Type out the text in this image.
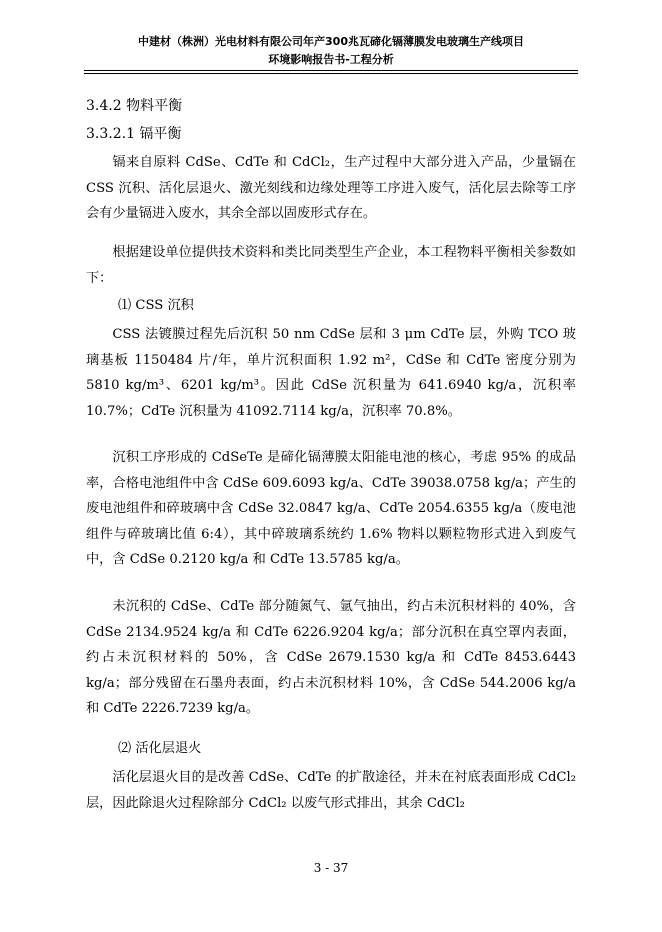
中建材（株洲）光电材料有限公司年产300兆瓦碲化镉薄膜发电玻璃生产线项目
环境影响报告书-工程分析
3.4.2 物料平衡
3.3.2.1 镉平衡

镉来自原料 CdSe、CdTe 和 CdCl₂，生产过程中大部分进入产品，少量镉在 CSS 沉积、活化层退火、激光刻线和边缘处理等工序进入废气，活化层去除等工序会有少量镉进入废水，其余全部以固废形式存在。

根据建设单位提供技术资料和类比同类型生产企业，本工程物料平衡相关参数如下：

⑴ CSS 沉积

CSS 法镀膜过程先后沉积 50 nm CdSe 层和 3 μm CdTe 层，外购 TCO 玻璃基板 1150484 片/年，单片沉积面积 1.92 m²，CdSe 和 CdTe 密度分别为 5810 kg/m³、6201 kg/m³。因此 CdSe 沉积量为 641.6940 kg/a，沉积率 10.7%；CdTe 沉积量为 41092.7114 kg/a，沉积率 70.8%。

沉积工序形成的 CdSeTe 是碲化镉薄膜太阳能电池的核心，考虑 95% 的成品率，合格电池组件中含 CdSe 609.6093 kg/a、CdTe 39038.0758 kg/a；产生的废电池组件和碎玻璃中含 CdSe 32.0847 kg/a、CdTe 2054.6355 kg/a（废电池组件与碎玻璃比值 6:4），其中碎玻璃系统约 1.6% 物料以颗粒物形式进入到废气中，含 CdSe 0.2120 kg/a 和 CdTe 13.5785 kg/a。

未沉积的 CdSe、CdTe 部分随氮气、氩气抽出，约占未沉积材料的 40%，含 CdSe 2134.9524 kg/a 和 CdTe 6226.9204 kg/a；部分沉积在真空罩内表面，约占未沉积材料的 50%，含 CdSe 2679.1530 kg/a 和 CdTe 8453.6443 kg/a；部分残留在石墨舟表面，约占未沉积材料 10%，含 CdSe 544.2006 kg/a 和 CdTe 2226.7239 kg/a。

⑵ 活化层退火

活化层退火目的是改善 CdSe、CdTe 的扩散途径，并未在衬底表面形成 CdCl₂ 层，因此除退火过程除部分 CdCl₂ 以废气形式排出，其余 CdCl₂

3 - 37
